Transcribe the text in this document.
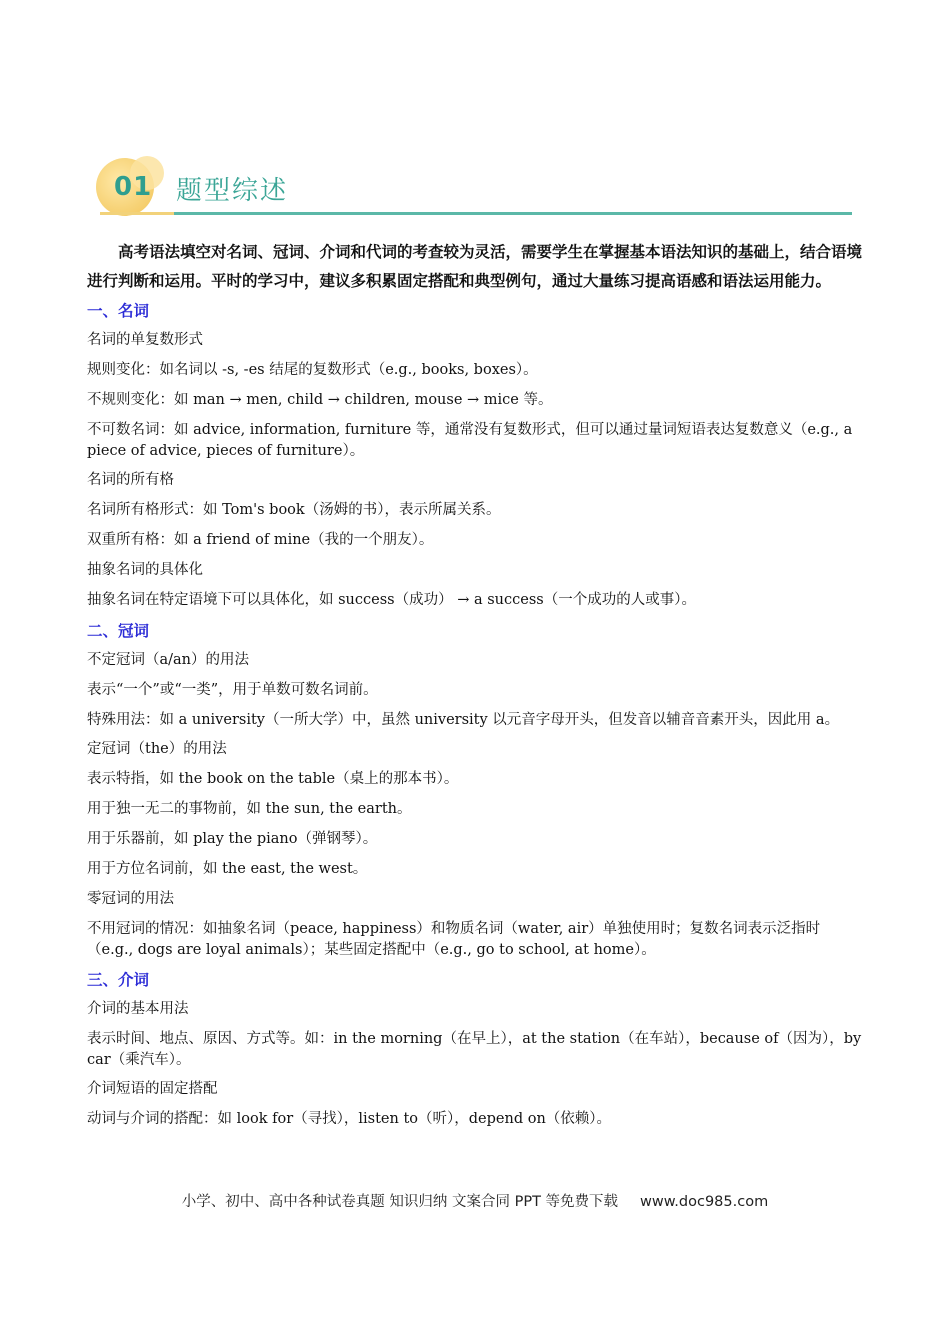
01 题型综述

高考语法填空对名词、冠词、介词和代词的考查较为灵活，需要学生在掌握基本语法知识的基础上，结合语境进行判断和运用。平时的学习中，建议多积累固定搭配和典型例句，通过大量练习提高语感和语法运用能力。

一、名词
名词的单复数形式
规则变化：如名词以 -s, -es 结尾的复数形式（e.g., books, boxes）。
不规则变化：如 man → men, child → children, mouse → mice 等。
不可数名词：如 advice, information, furniture 等，通常没有复数形式，但可以通过量词短语表达复数意义（e.g., a piece of advice, pieces of furniture）。
名词的所有格
名词所有格形式：如 Tom's book（汤姆的书），表示所属关系。
双重所有格：如 a friend of mine（我的一个朋友）。
抽象名词的具体化
抽象名词在特定语境下可以具体化，如 success（成功） → a success（一个成功的人或事）。
二、冠词
不定冠词（a/an）的用法
表示“一个”或“一类”，用于单数可数名词前。
特殊用法：如 a university（一所大学）中，虽然 university 以元音字母开头，但发音以辅音音素开头，因此用 a。
定冠词（the）的用法
表示特指，如 the book on the table（桌上的那本书）。
用于独一无二的事物前，如 the sun, the earth。
用于乐器前，如 play the piano（弹钢琴）。
用于方位名词前，如 the east, the west。
零冠词的用法
不用冠词的情况：如抽象名词（peace, happiness）和物质名词（water, air）单独使用时；复数名词表示泛指时（e.g., dogs are loyal animals）；某些固定搭配中（e.g., go to school, at home）。
三、介词
介词的基本用法
表示时间、地点、原因、方式等。如：in the morning（在早上），at the station（在车站），because of（因为），by car（乘汽车）。
介词短语的固定搭配
动词与介词的搭配：如 look for（寻找），listen to（听），depend on（依赖）。
小学、初中、高中各种试卷真题 知识归纳 文案合同 PPT 等免费下载 www.doc985.com
